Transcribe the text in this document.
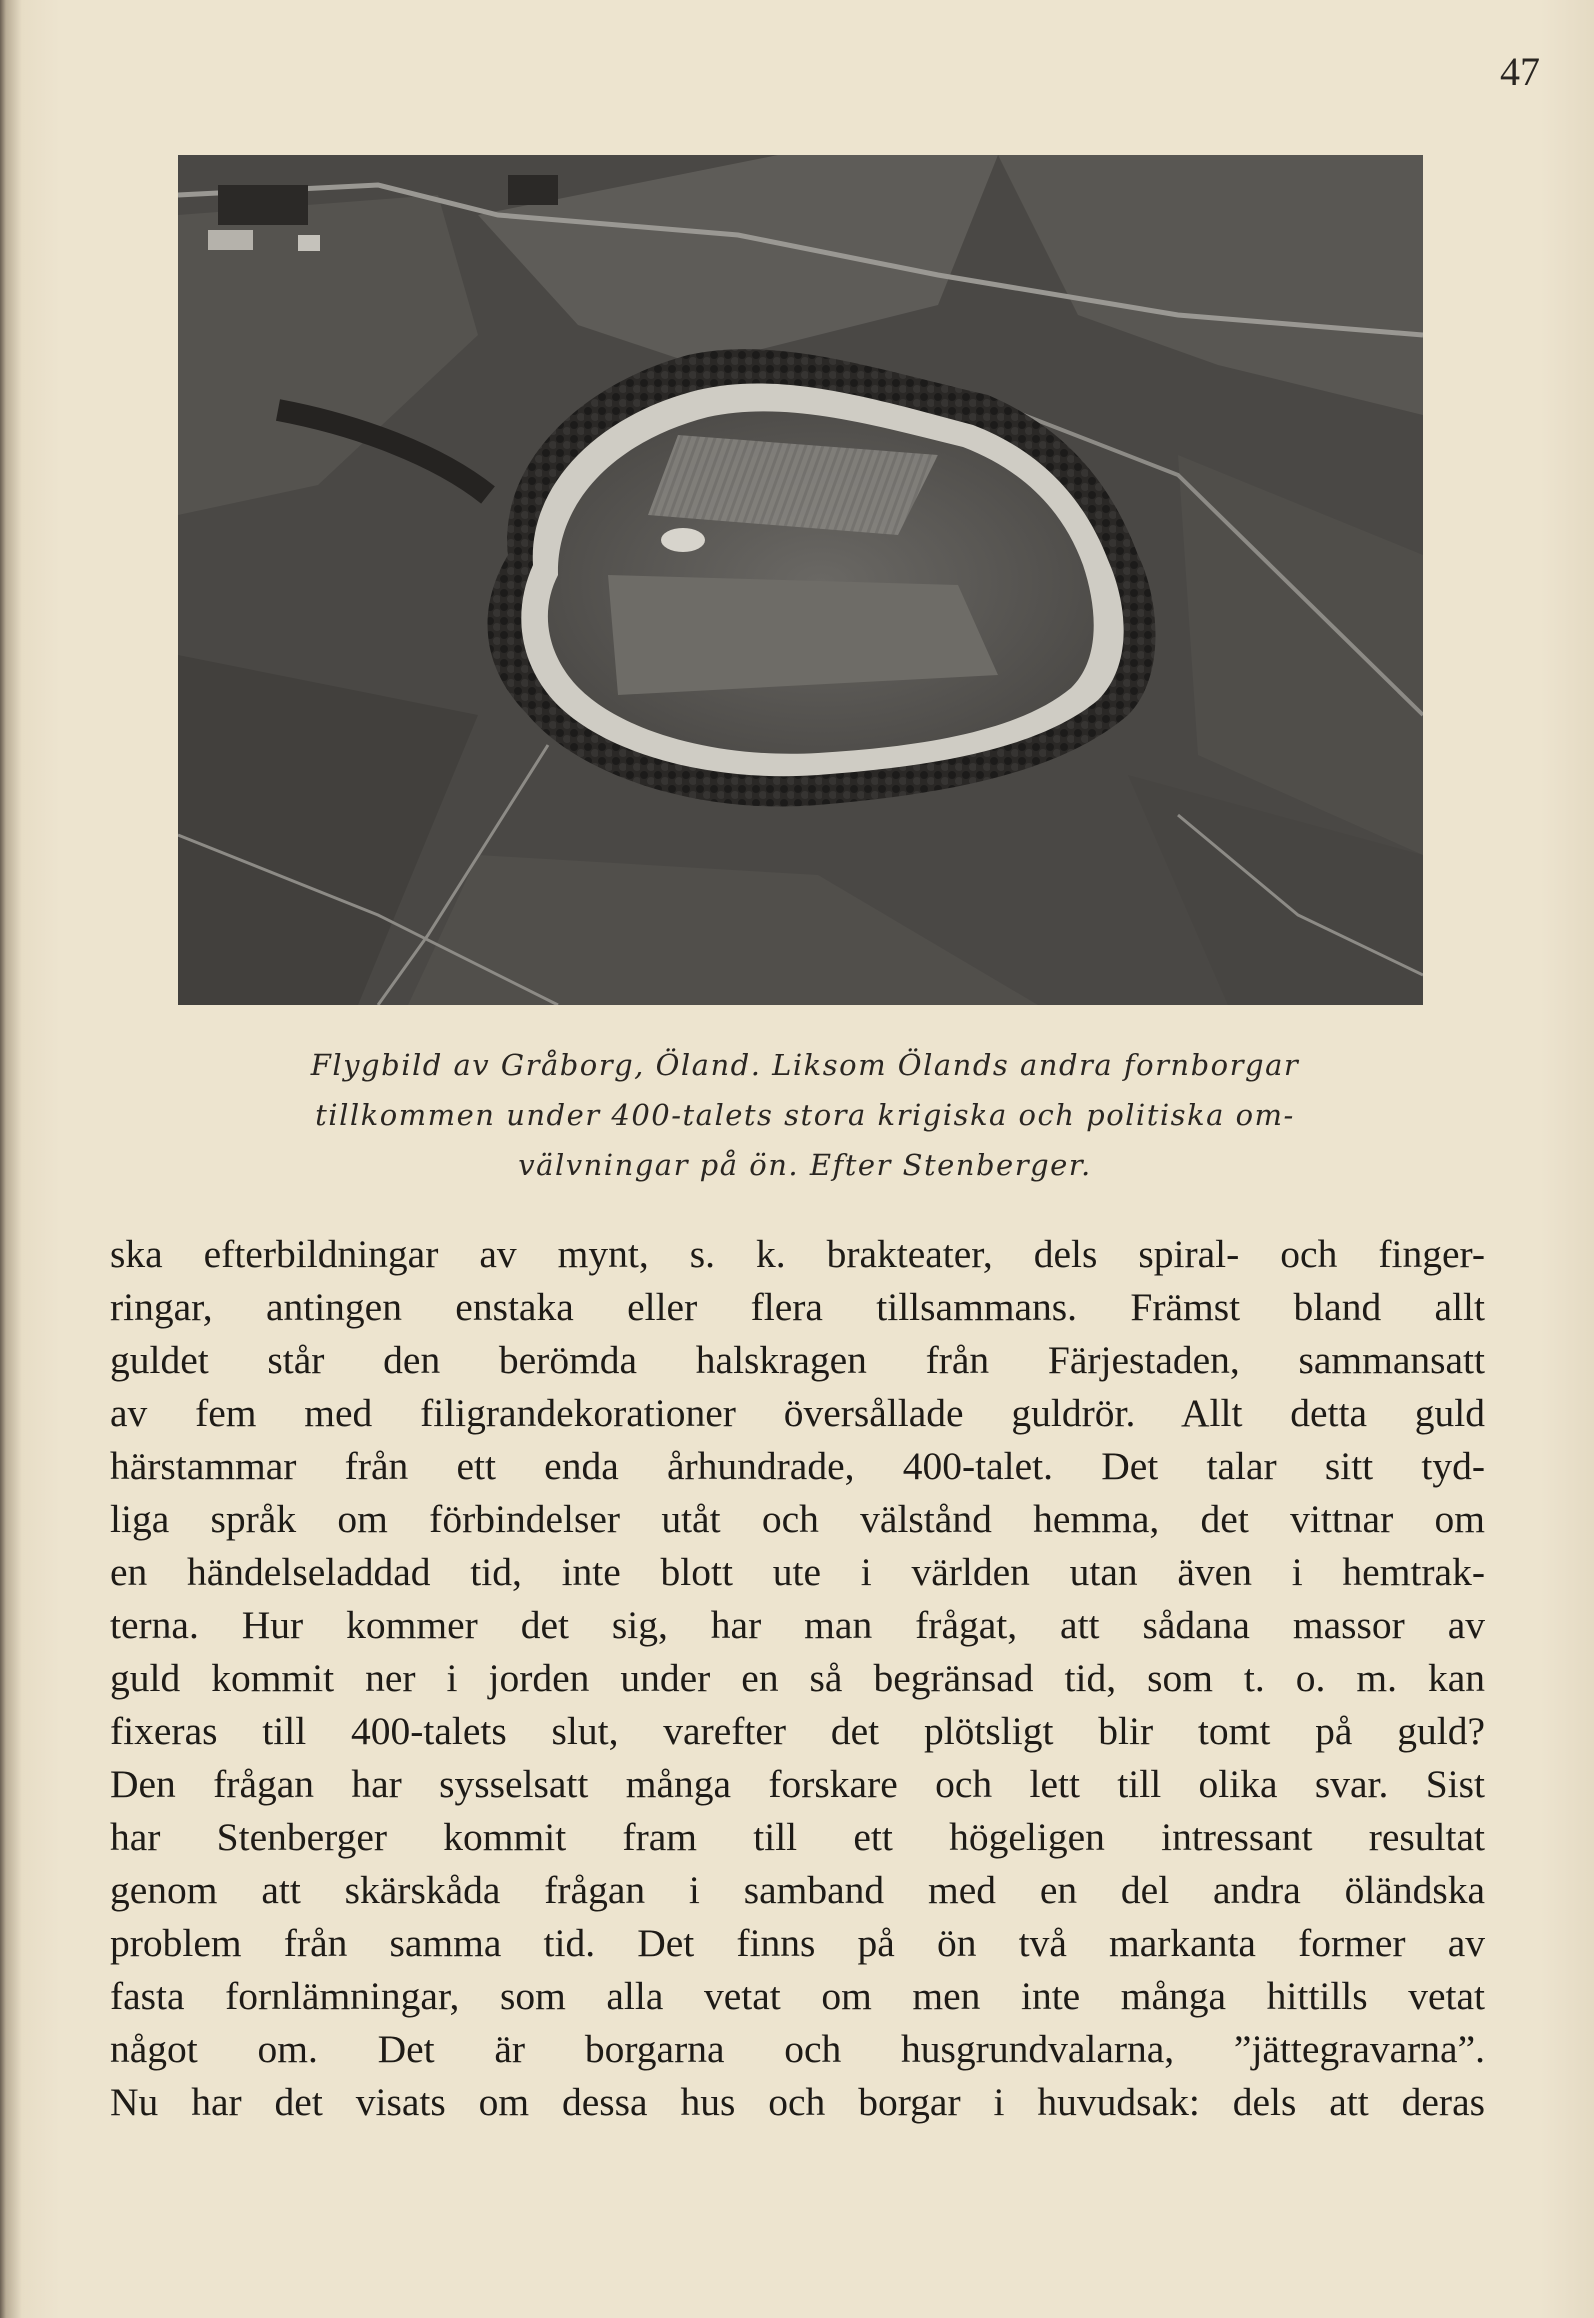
47
Flygbild av Gråborg, Öland. Liksom Ölands andra fornborgar
tillkommen under 400-talets stora krigiska och politiska om-
välvningar på ön. Efter Stenberger.
ska efterbildningar av mynt, s. k. brakteater, dels spiral- och finger-
ringar, antingen enstaka eller flera tillsammans. Främst bland allt
guldet står den berömda halskragen från Färjestaden, sammansatt
av fem med filigrandekorationer översållade guldrör. Allt detta guld
härstammar från ett enda århundrade, 400-talet. Det talar sitt tyd-
liga språk om förbindelser utåt och välstånd hemma, det vittnar om
en händelseladdad tid, inte blott ute i världen utan även i hemtrak-
terna. Hur kommer det sig, har man frågat, att sådana massor av
guld kommit ner i jorden under en så begränsad tid, som t. o. m. kan
fixeras till 400-talets slut, varefter det plötsligt blir tomt på guld?
Den frågan har sysselsatt många forskare och lett till olika svar. Sist
har Stenberger kommit fram till ett högeligen intressant resultat
genom att skärskåda frågan i samband med en del andra öländska
problem från samma tid. Det finns på ön två markanta former av
fasta fornlämningar, som alla vetat om men inte många hittills vetat
något om. Det är borgarna och husgrundvalarna, ”jättegravarna”.
Nu har det visats om dessa hus och borgar i huvudsak: dels att deras
